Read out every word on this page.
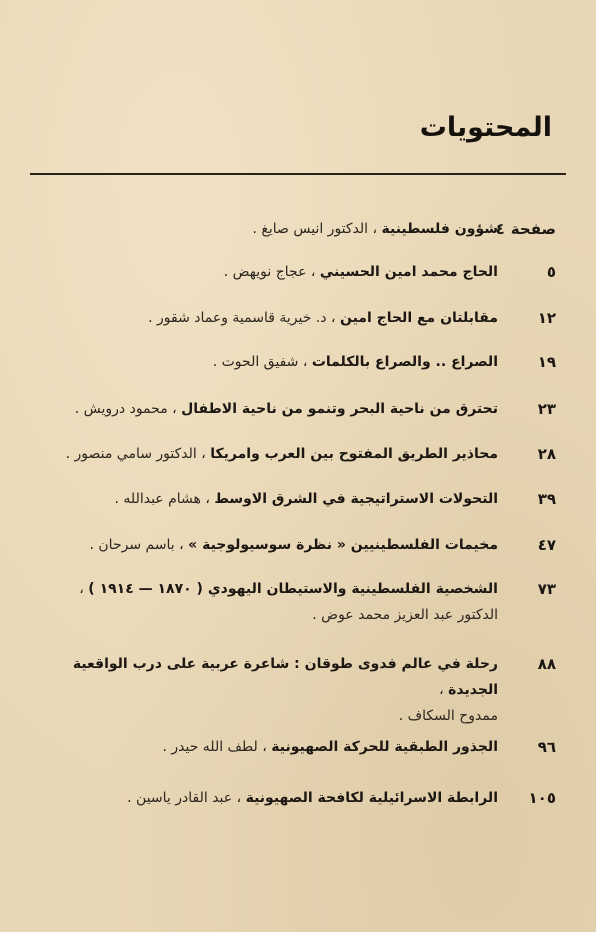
المحتويات
صفحة٤
شؤون فلسطينية ، الدكتور انيس صايغ .
٥
الحاج محمد امين الحسيني ، عجاج نويهض .
١٢
مقابلتان مع الحاج امين ، د. خيرية قاسمية وعماد شقور .
١٩
الصراع .. والصراع بالكلمات ، شفيق الحوت .
٢٣
تحترق من ناحية البحر وتنمو من ناحية الاطفال ، محمود درويش .
٢٨
محاذير الطريق المفتوح بين العرب وامريكا ، الدكتور سامي منصور .
٣٩
التحولات الاستراتيجية في الشرق الاوسط ، هشام عبدالله .
٤٧
مخيمات الفلسطينيين « نظرة سوسيولوجية » ، باسم سرحان .
٧٣
الشخصية الفلسطينية والاستيطان اليهودي ( ١٨٧٠ — ١٩١٤ ) ،
الدكتور عبد العزيز محمد عوض .
٨٨
رحلة في عالم فدوى طوقان : شاعرة عربية على درب الواقعية الجديدة ،
ممدوح السكاف .
٩٦
الجذور الطبقية للحركة الصهيونية ، لطف الله حيدر .
١٠٥
الرابطة الاسرائيلية لكافحة الصهيونية ، عبد القادر ياسين .
